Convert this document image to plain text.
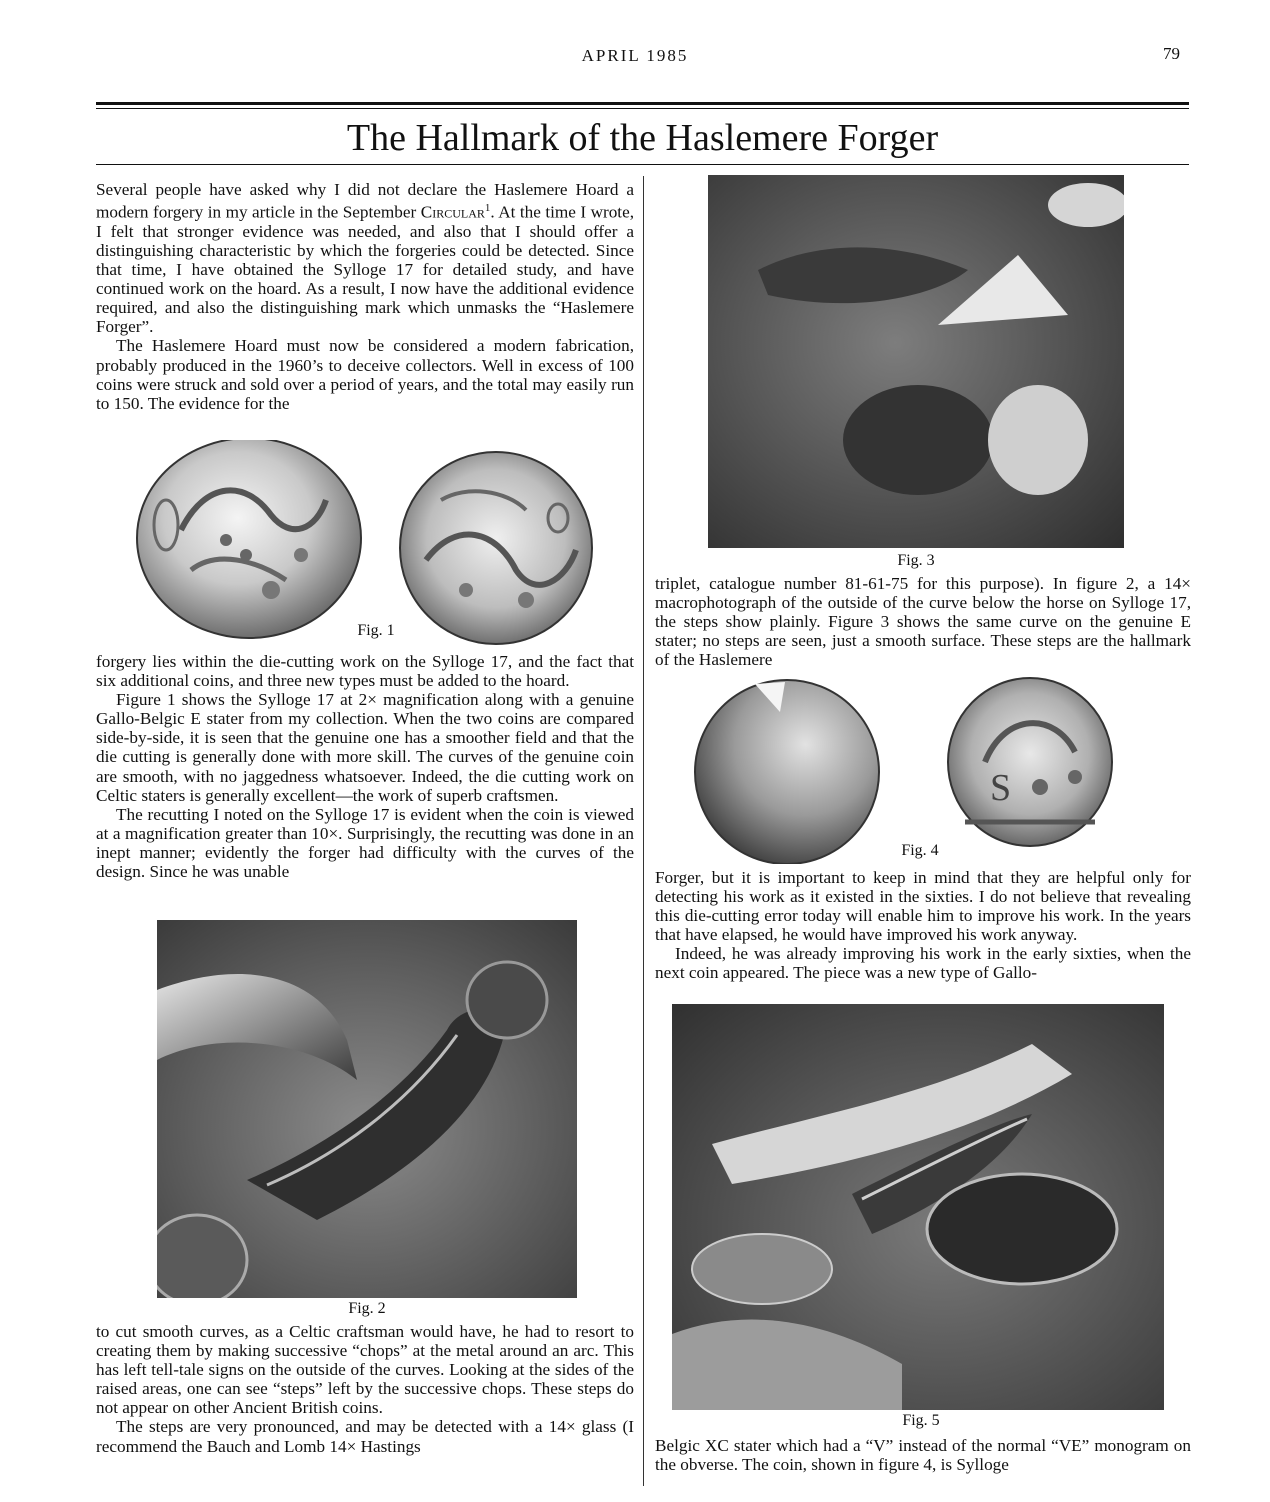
APRIL 1985	79
The Hallmark of the Haslemere Forger

Several people have asked why I did not declare the Haslemere Hoard a modern forgery in my article in the September Circular$^1$. At the time I wrote, I felt that stronger evidence was needed, and also that I should offer a distinguishing characteristic by which the forgeries could be detected. Since that time, I have obtained the Sylloge 17 for detailed study, and have continued work on the hoard. As a result, I now have the additional evidence required, and also the distinguishing mark which unmasks the “Haslemere Forger”.

The Haslemere Hoard must now be considered a modern fabrication, probably produced in the 1960’s to deceive collectors. Well in excess of 100 coins were struck and sold over a period of years, and the total may easily run to 150. The evidence for the

Fig. 1

forgery lies within the die-cutting work on the Sylloge 17, and the fact that six additional coins, and three new types must be added to the hoard.

Figure 1 shows the Sylloge 17 at 2× magnification along with a genuine Gallo-Belgic E stater from my collection. When the two coins are compared side-by-side, it is seen that the genuine one has a smoother field and that the die cutting is generally done with more skill. The curves of the genuine coin are smooth, with no jaggedness whatsoever. Indeed, the die cutting work on Celtic staters is generally excellent—the work of superb craftsmen.

The recutting I noted on the Sylloge 17 is evident when the coin is viewed at a magnification greater than 10×. Surprisingly, the recutting was done in an inept manner; evidently the forger had difficulty with the curves of the design. Since he was unable

Fig. 2

to cut smooth curves, as a Celtic craftsman would have, he had to resort to creating them by making successive “chops” at the metal around an arc. This has left tell-tale signs on the outside of the curves. Looking at the sides of the raised areas, one can see “steps” left by the successive chops. These steps do not appear on other Ancient British coins.

The steps are very pronounced, and may be detected with a 14× glass (I recommend the Bauch and Lomb 14× Hastings

Fig. 3

triplet, catalogue number 81-61-75 for this purpose). In figure 2, a 14× macrophotograph of the outside of the curve below the horse on Sylloge 17, the steps show plainly. Figure 3 shows the same curve on the genuine E stater; no steps are seen, just a smooth surface. These steps are the hallmark of the Haslemere

S
Fig. 4

Forger, but it is important to keep in mind that they are helpful only for detecting his work as it existed in the sixties. I do not believe that revealing this die-cutting error today will enable him to improve his work. In the years that have elapsed, he would have improved his work anyway.

Indeed, he was already improving his work in the early sixties, when the next coin appeared. The piece was a new type of Gallo-

Fig. 5

Belgic XC stater which had a “V” instead of the normal “VE” monogram on the obverse. The coin, shown in figure 4, is Sylloge
